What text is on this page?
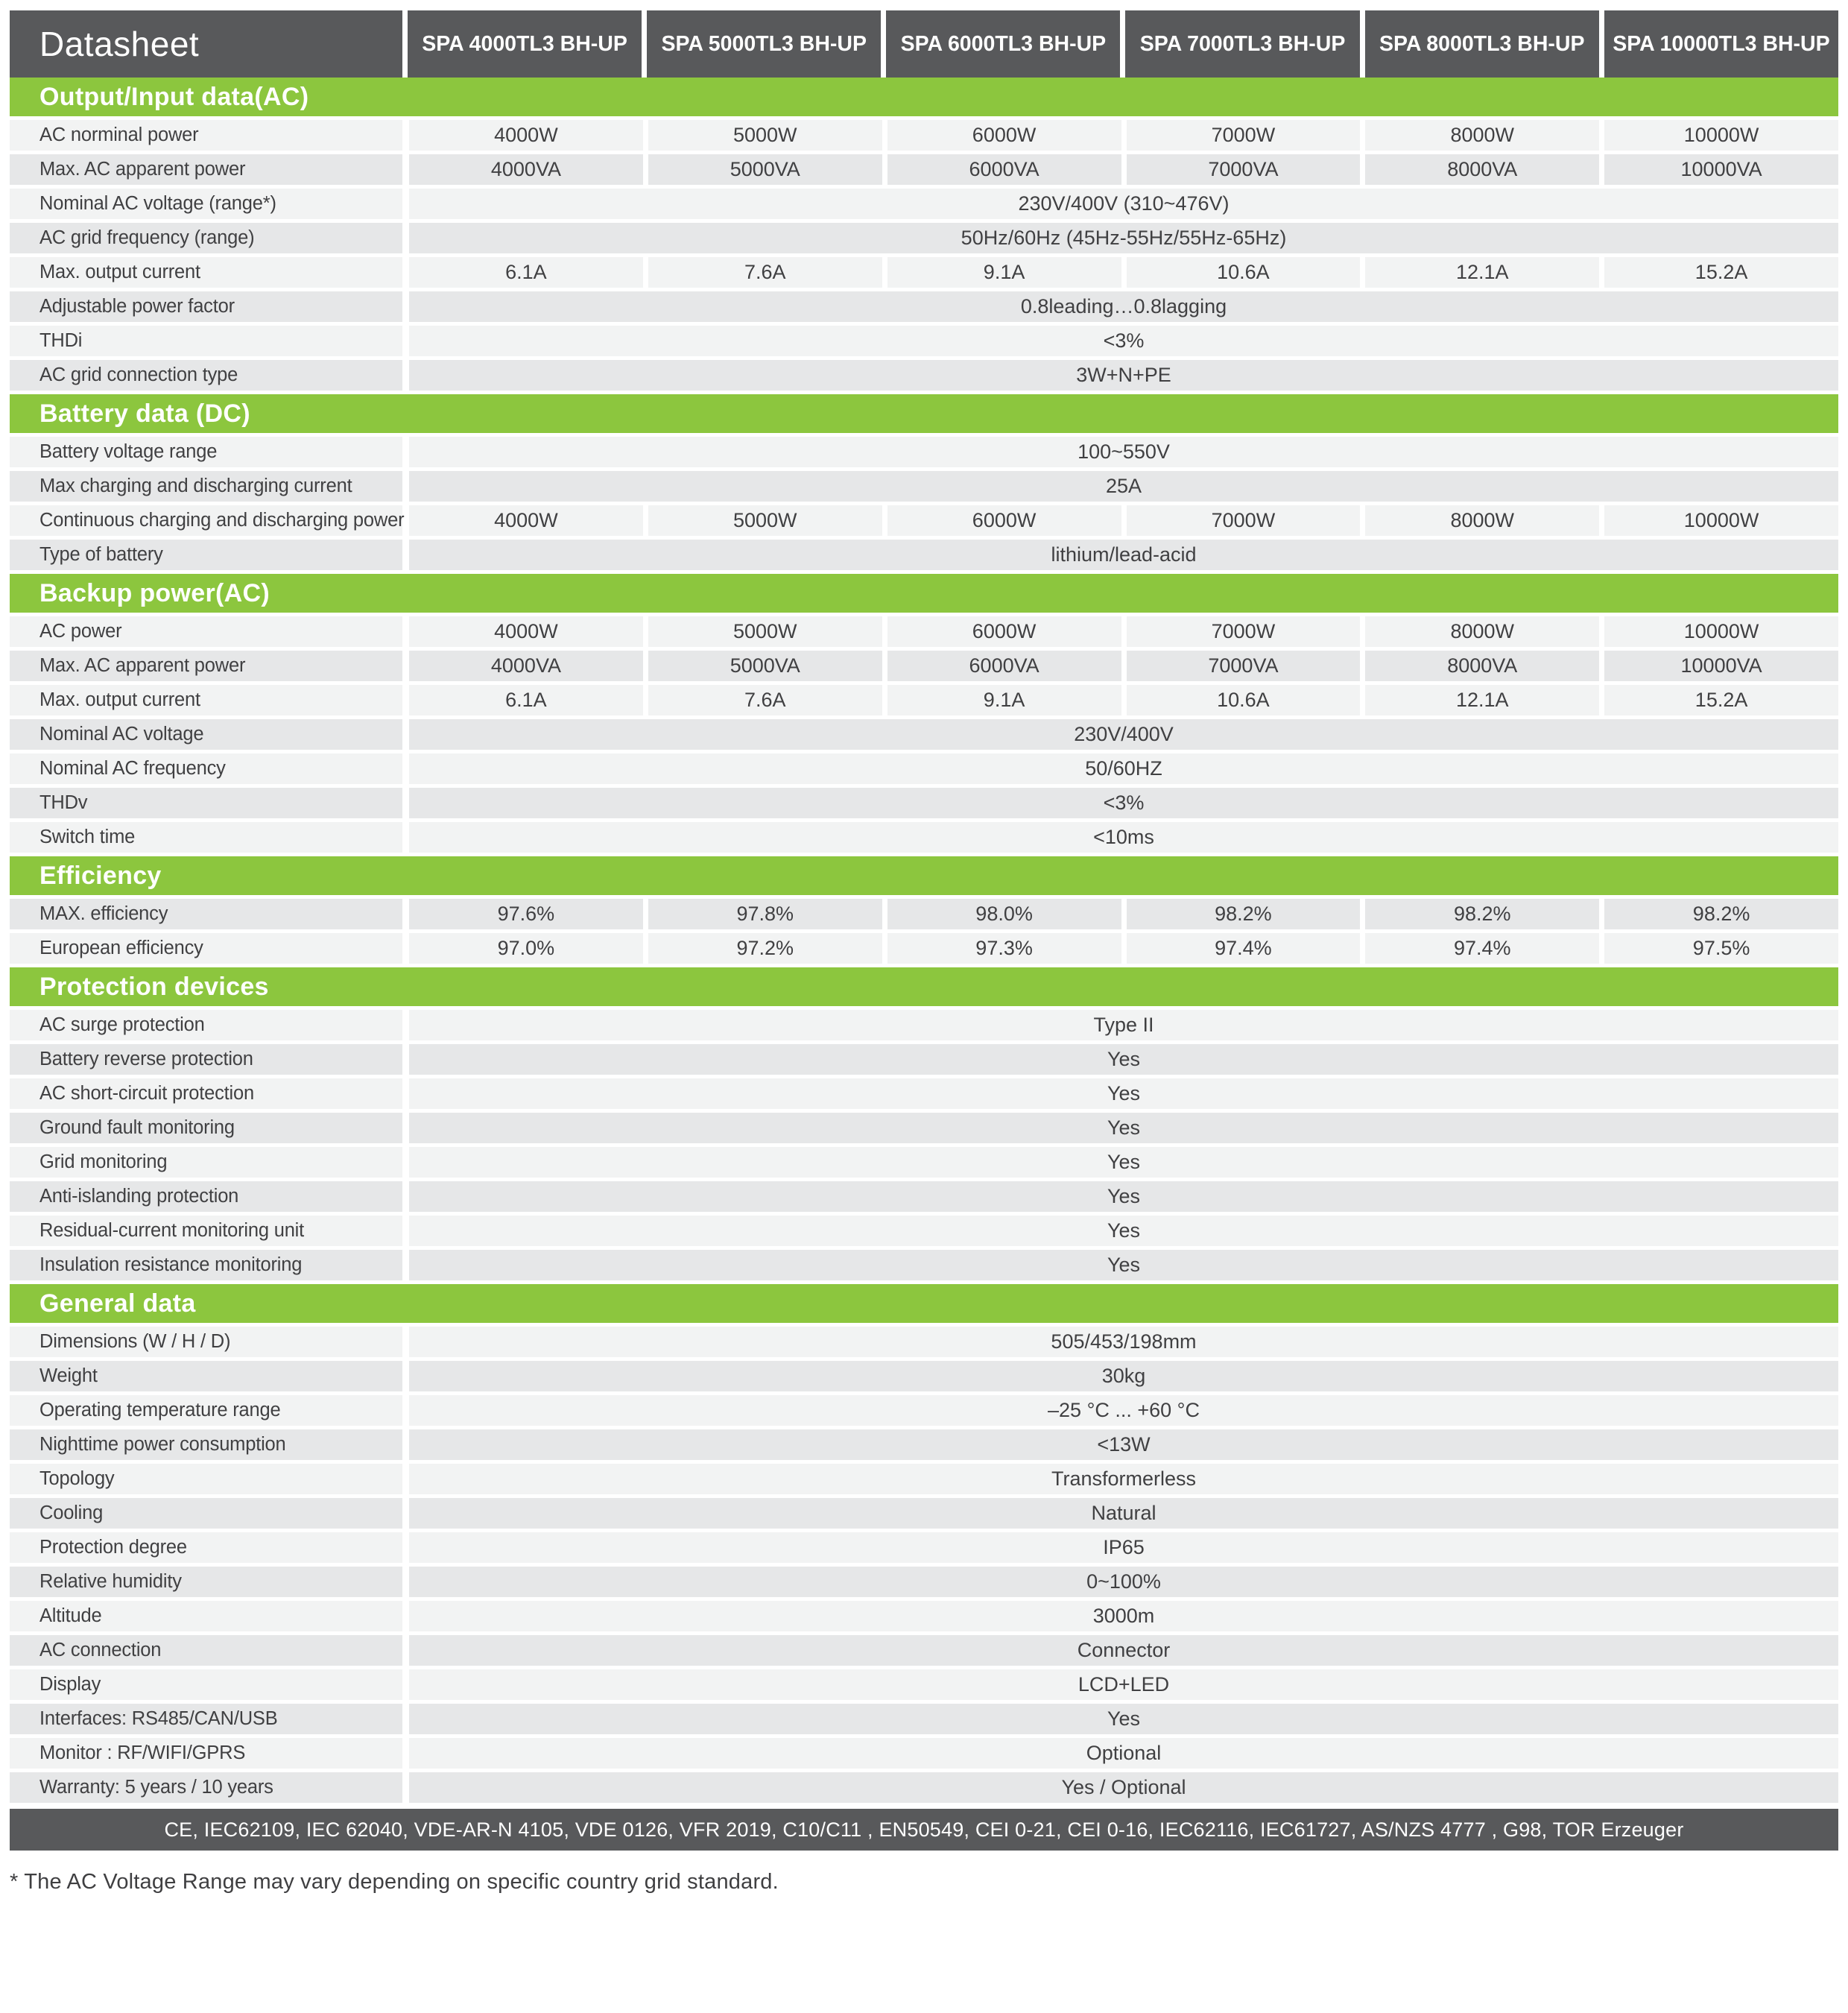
Datasheet	SPA 4000TL3 BH-UP	SPA 5000TL3 BH-UP	SPA 6000TL3 BH-UP	SPA 7000TL3 BH-UP	SPA 8000TL3 BH-UP	SPA 10000TL3 BH-UP
Output/Input data(AC)
AC norminal power	4000W	5000W	6000W	7000W	8000W	10000W
Max. AC apparent power	4000VA	5000VA	6000VA	7000VA	8000VA	10000VA
Nominal AC voltage (range*)	230V/400V (310~476V)
AC grid frequency (range)	50Hz/60Hz (45Hz-55Hz/55Hz-65Hz)
Max. output current	6.1A	7.6A	9.1A	10.6A	12.1A	15.2A
Adjustable power factor	0.8leading…0.8lagging
THDi	<3%
AC grid connection type	3W+N+PE
Battery data (DC)
Battery voltage range	100~550V
Max charging and discharging current	25A
Continuous charging and discharging power	4000W	5000W	6000W	7000W	8000W	10000W
Type of battery	lithium/lead-acid
Backup power(AC)
AC power	4000W	5000W	6000W	7000W	8000W	10000W
Max. AC apparent power	4000VA	5000VA	6000VA	7000VA	8000VA	10000VA
Max. output current	6.1A	7.6A	9.1A	10.6A	12.1A	15.2A
Nominal AC voltage	230V/400V
Nominal AC frequency	50/60HZ
THDv	<3%
Switch time	<10ms
Efficiency
MAX. efficiency	97.6%	97.8%	98.0%	98.2%	98.2%	98.2%
European efficiency	97.0%	97.2%	97.3%	97.4%	97.4%	97.5%
Protection devices
AC surge protection	Type II
Battery reverse protection	Yes
AC short-circuit protection	Yes
Ground fault monitoring	Yes
Grid monitoring	Yes
Anti-islanding protection	Yes
Residual-current monitoring unit	Yes
Insulation resistance monitoring	Yes
General data
Dimensions (W / H / D)	505/453/198mm
Weight	30kg
Operating temperature range	–25 °C ... +60 °C
Nighttime power consumption	<13W
Topology	Transformerless
Cooling	Natural
Protection degree	IP65
Relative humidity	0~100%
Altitude	3000m
AC connection	Connector
Display	LCD+LED
Interfaces: RS485/CAN/USB	Yes
Monitor : RF/WIFI/GPRS	Optional
Warranty: 5 years / 10 years	Yes / Optional
CE, IEC62109, IEC 62040, VDE-AR-N 4105, VDE 0126, VFR 2019, C10/C11 , EN50549, CEI 0-21, CEI 0-16, IEC62116, IEC61727, AS/NZS 4777 , G98, TOR Erzeuger
* The AC Voltage Range may vary depending on specific country grid standard.
